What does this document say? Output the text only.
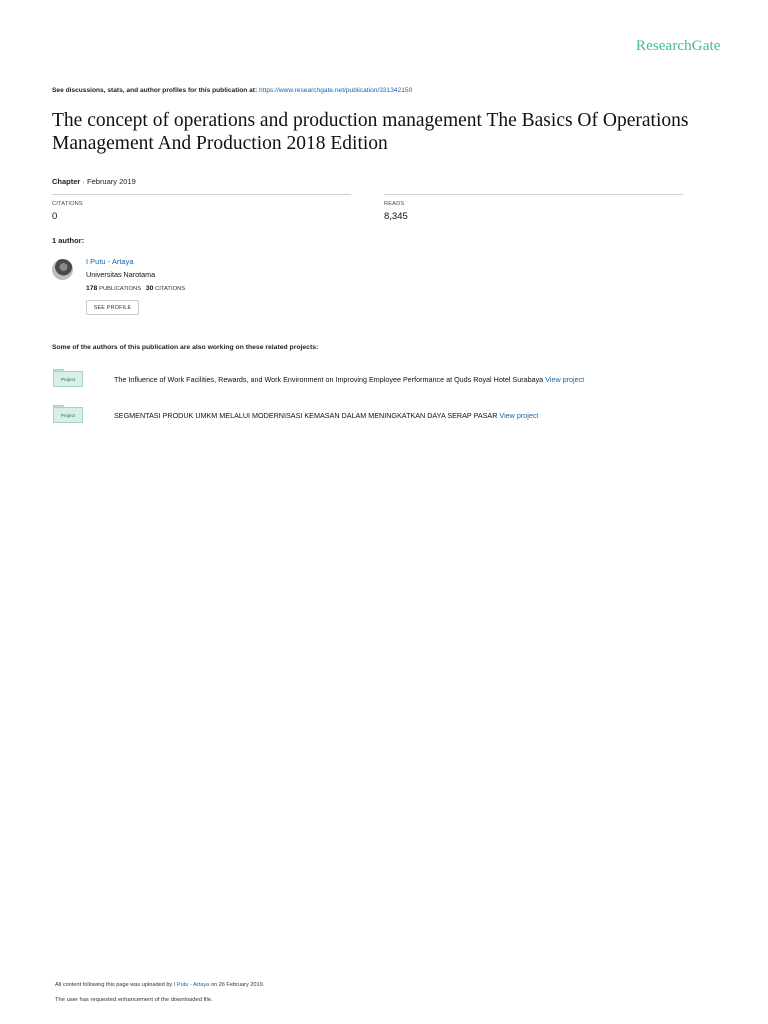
ResearchGate
See discussions, stats, and author profiles for this publication at: https://www.researchgate.net/publication/331342150
The concept of operations and production management The Basics Of Operations Management And Production 2018 Edition
Chapter · February 2019
CITATIONS
0
READS
8,345
1 author:
I Putu - Artaya
Universitas Narotama
178 PUBLICATIONS 30 CITATIONS
SEE PROFILE
Some of the authors of this publication are also working on these related projects:
Project	The Influence of Work Facilities, Rewards, and Work Environment on Improving Employee Performance at Quds Royal Hotel Surabaya View project
Project	SEGMENTASI PRODUK UMKM MELALUI MODERNISASI KEMASAN DALAM MENINGKATKAN DAYA SERAP PASAR View project
All content following this page was uploaded by I Putu - Artaya on 26 February 2019.
The user has requested enhancement of the downloaded file.
